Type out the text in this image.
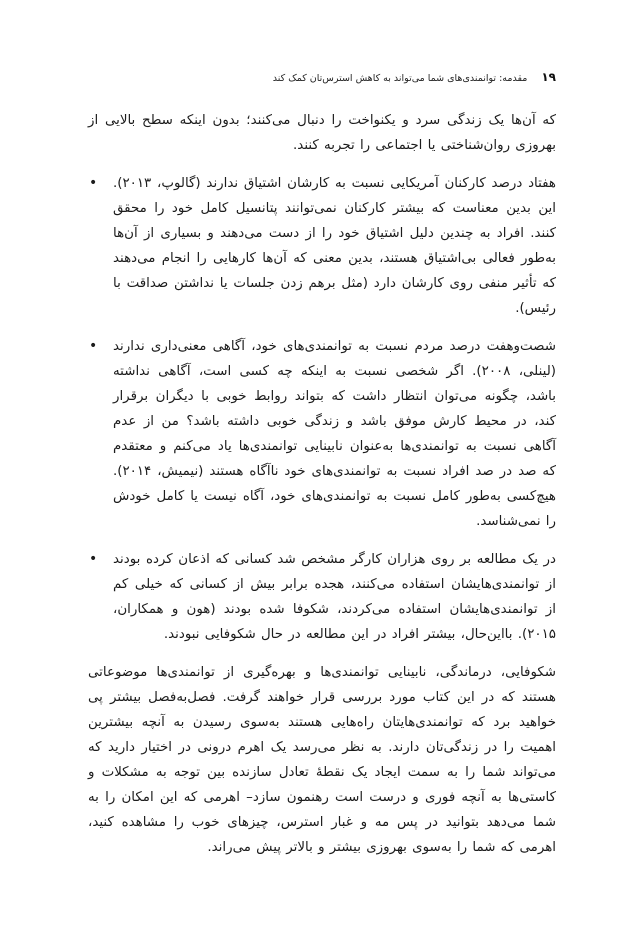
مقدمه: توانمندی‌های شما می‌تواند به کاهش استرس‌تان کمک کند ۱۹

که آن‌ها یک زندگی سرد و یکنواخت را دنبال می‌کنند؛ بدون اینکه سطح بالایی از بهروزی روان‌شناختی یا اجتماعی را تجربه کنند.

• هفتاد درصد کارکنان آمریکایی نسبت به کارشان اشتیاق ندارند (گالوپ، ۲۰۱۳). این بدین معناست که بیشتر کارکنان نمی‌توانند پتانسیل کامل خود را محقق کنند. افراد به چندین دلیل اشتیاق خود را از دست می‌دهند و بسیاری از آن‌ها به‌طور فعالی بی‌اشتیاق هستند، بدین معنی که آن‌ها کارهایی را انجام می‌دهند که تأثیر منفی روی کارشان دارد (مثل برهم زدن جلسات یا نداشتن صداقت با رئیس).

• شصت‌وهفت درصد مردم نسبت به توانمندی‌های خود، آگاهی معنی‌داری ندارند (لینلی، ۲۰۰۸). اگر شخصی نسبت به اینکه چه کسی است، آگاهی نداشته باشد، چگونه می‌توان انتظار داشت که بتواند روابط خوبی با دیگران برقرار کند، در محیط کارش موفق باشد و زندگی خوبی داشته باشد؟ من از عدم آگاهی نسبت به توانمندی‌ها به‌عنوان نابینایی توانمندی‌ها یاد می‌کنم و معتقدم که صد در صد افراد نسبت به توانمندی‌های خود ناآگاه هستند (نیمیش، ۲۰۱۴). هیچ‌کسی به‌طور کامل نسبت به توانمندی‌های خود، آگاه نیست یا کامل خودش را نمی‌شناسد.

• در یک مطالعه بر روی هزاران کارگر مشخص شد کسانی که اذعان کرده بودند از توانمندی‌هایشان استفاده می‌کنند، هجده برابر بیش از کسانی که خیلی کم از توانمندی‌هایشان استفاده می‌کردند، شکوفا شده بودند (هون و همکاران، ۲۰۱۵). بااین‌حال، بیشتر افراد در این مطالعه در حال شکوفایی نبودند.

شکوفایی، درماندگی، نابینایی توانمندی‌ها و بهره‌گیری از توانمندی‌ها موضوعاتی هستند که در این کتاب مورد بررسی قرار خواهند گرفت. فصل‌به‌فصل بیشتر پی خواهید برد که توانمندی‌هایتان راه‌هایی هستند به‌سوی رسیدن به آنچه بیشترین اهمیت را در زندگی‌تان دارند. به نظر می‌رسد یک اهرم درونی در اختیار دارید که می‌تواند شما را به سمت ایجاد یک نقطهٔ تعادل سازنده بین توجه به مشکلات و کاستی‌ها به آنچه فوری و درست است رهنمون سازد– اهرمی که این امکان را به شما می‌دهد بتوانید در پس مه و غبار استرس، چیزهای خوب را مشاهده کنید، اهرمی که شما را به‌سوی بهروزی بیشتر و بالاتر پیش می‌راند.
